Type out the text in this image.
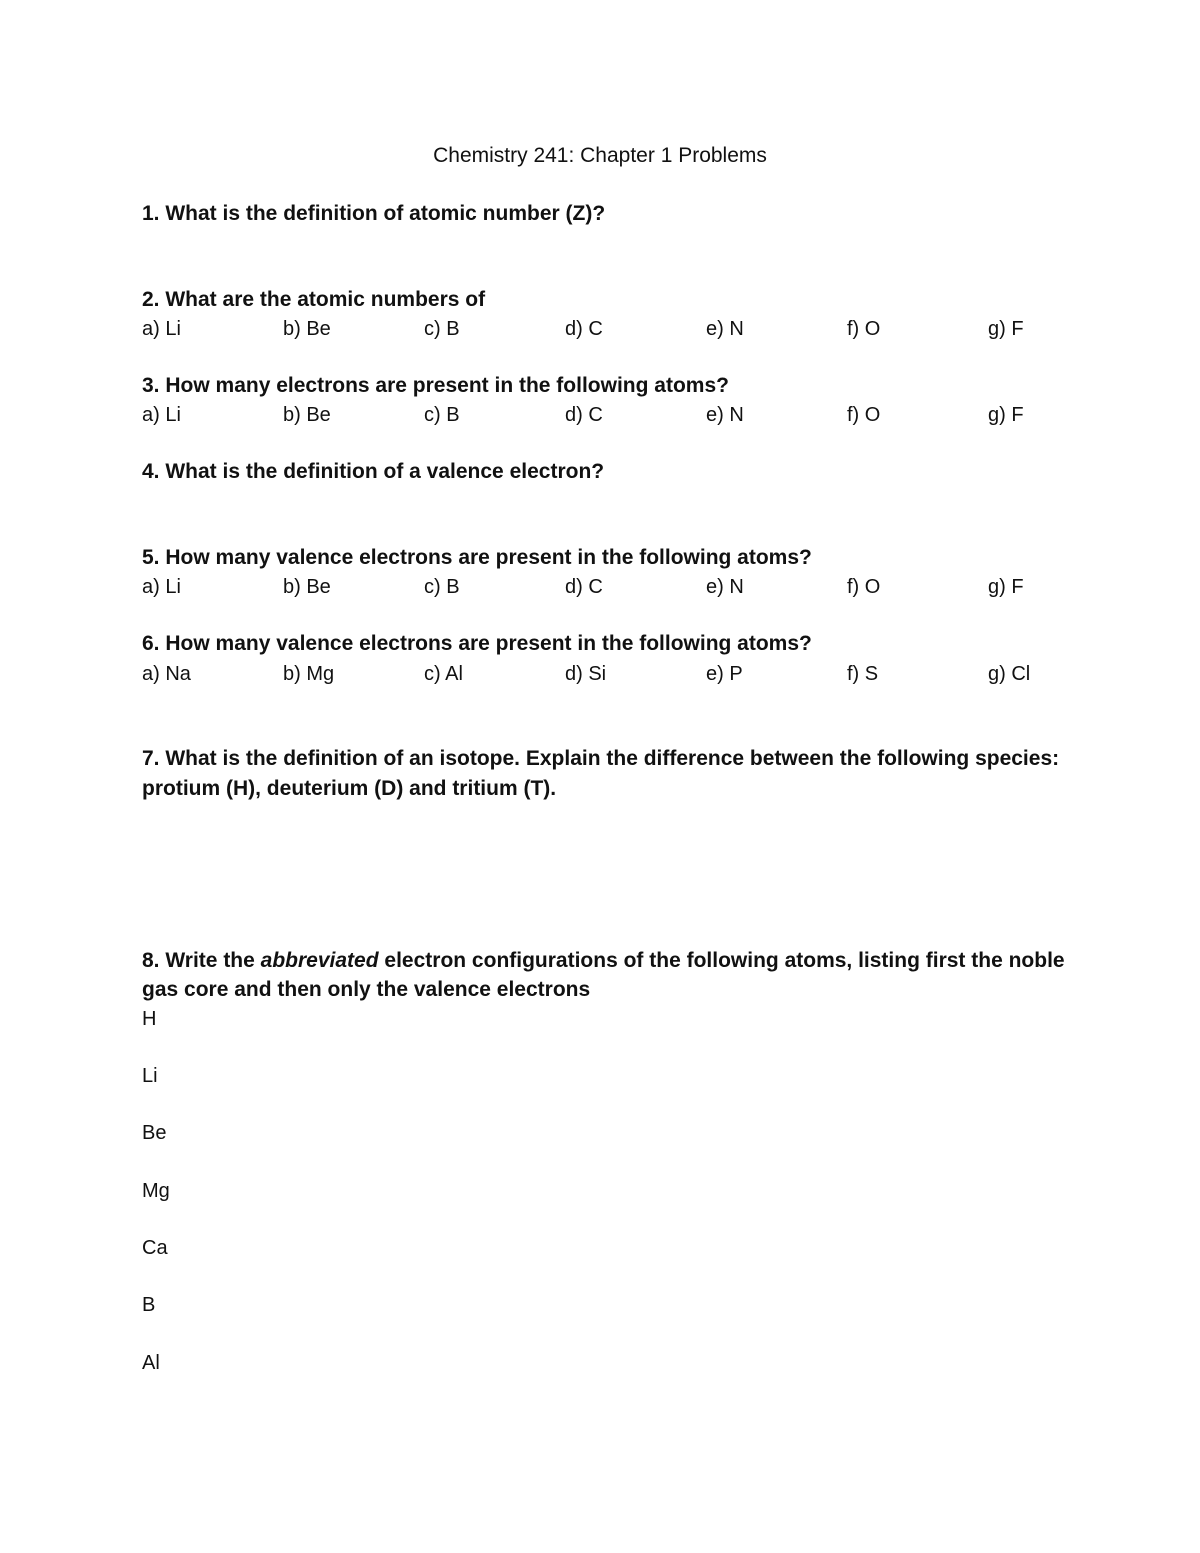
Chemistry 241: Chapter 1 Problems
1. What is the definition of atomic number (Z)?
2. What are the atomic numbers of
a) Li	b) Be	c) B	d) C	e) N	f) O	g) F
3. How many electrons are present in the following atoms?
a) Li	b) Be	c) B	d) C	e) N	f) O	g) F
4. What is the definition of a valence electron?
5. How many valence electrons are present in the following atoms?
a) Li	b) Be	c) B	d) C	e) N	f) O	g) F
6. How many valence electrons are present in the following atoms?
a) Na	b) Mg	c) Al	d) Si	e) P	f) S	g) Cl
7. What is the definition of an isotope. Explain the difference between the following species:
protium (H), deuterium (D) and tritium (T).
8. Write the abbreviated electron configurations of the following atoms, listing first the noble
gas core and then only the valence electrons
H
Li
Be
Mg
Ca
B
Al
